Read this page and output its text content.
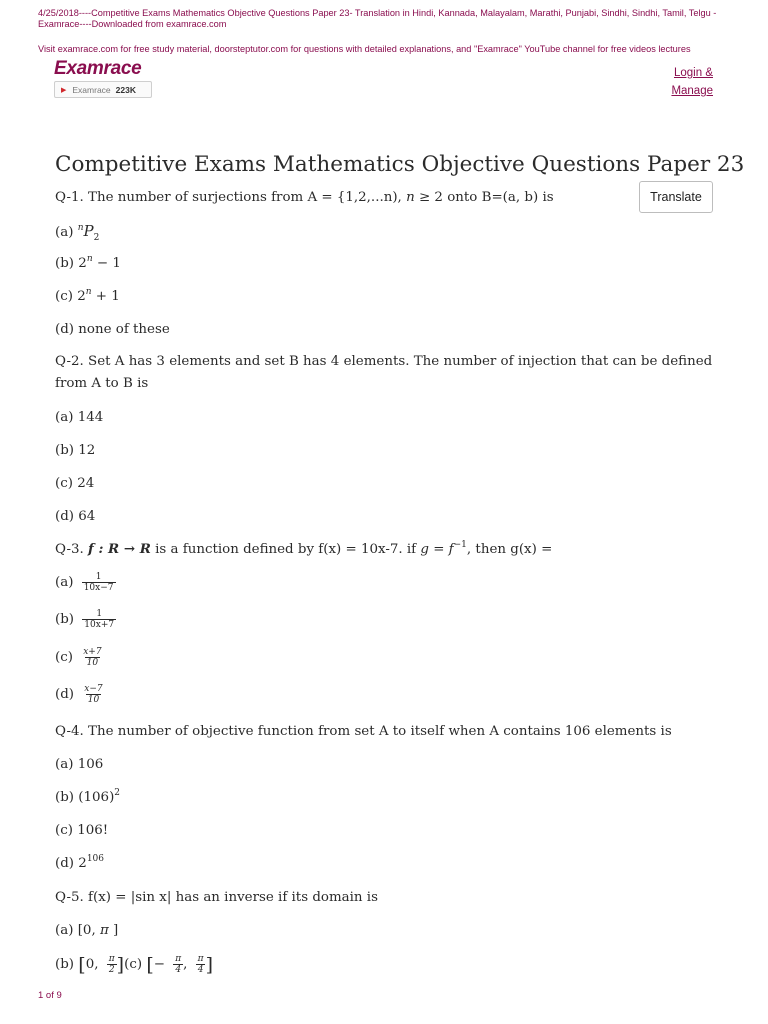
4/25/2018----Competitive Exams Mathematics Objective Questions Paper 23- Translation in Hindi, Kannada, Malayalam, Marathi, Punjabi, Sindhi, Sindhi, Tamil, Telgu - Examrace----Downloaded from examrace.com
Visit examrace.com for free study material, doorsteptutor.com for questions with detailed explanations, and "Examrace" YouTube channel for free videos lectures
Examrace
▶ Examrace 223K
Login &
Manage
Competitive Exams Mathematics Objective Questions Paper 23
Translate
Q-1. The number of surjections from A = {1,2,...n), n ≥ 2 onto B=(a, b) is
(a) $^nP_2$
(b) $2^n - 1$
(c) $2^n + 1$
(d) none of these
Q-2. Set A has 3 elements and set B has 4 elements. The number of injection that can be defined from A to B is
(a) 144
(b) 12
(c) 24
(d) 64
Q-3. f : R → R is a function defined by f(x) = 10x-7. if $g = f^{-1}$, then g(x) =
$(a) \frac{1}{10x-7}$
$(b) \frac{1}{10x+7}$
$(c) \frac{x+7}{10}$
$(d) \frac{x-7}{10}$
Q-4. The number of objective function from set A to itself when A contains 106 elements is
(a) 106
(b) $(106)^2$
(c) 106!
(d) $2^{106}$
Q-5. f(x) = |sin x| has an inverse if its domain is
(a) [0, π ]
(b) [0, $\frac{\pi}{2} ](c)$ [− $\frac{\pi}{4}$ , $\frac{\pi}{4}$ ]
1 of 9
